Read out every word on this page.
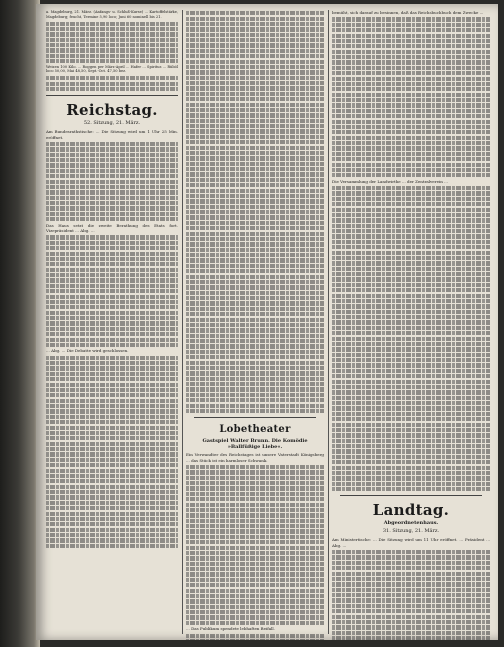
a. Magdeburg, 21. März. (Anfangs- u. Schluß-Kurse) ... Kartoffelstärke, Magdeburg; feucht, Termine 5,90 loco; Juni 60 nominell bis 21.

Weizen 100 Kilo. ... Roggen per März-April ... Hafer ... Spiritus ... Rüböl loco 50,00, Mai 48,50, Sept.-Oct. 47,50 bez.

Reichstag.
52. Sitzung, 21. März.

Am Bundesrathstische: ... Die Sitzung wird um 1 Uhr 25 Min. eröffnet.

Das Haus setzt die zweite Berathung des Etats fort. Vizepräsident ... Abg. ...

... Abg. ... Die Debatte wird geschlossen.

Lobetheater
Gastspiel Walter Brunn. Die Komödie »Ballfüßige Liebe«.

Ein Verwandter des Reichstages ist unsere Vaterstadt Königsberg ... das Stück ist ein harmloser Schwank.

... Das Publikum spendete lebhaften Beifall.

bemüht, sich darauf zu besinnen, daß das Reichsbuchbuch dem Zwecke ...

Die Versammlung der Landwirthe ... der Zentralverein ...

Landtag.
Abgeordnetenhaus.
31. Sitzung, 21. März.

Am Ministertische: ... Die Sitzung wird um 11 Uhr eröffnet. ... Präsident ... Abg. ...
